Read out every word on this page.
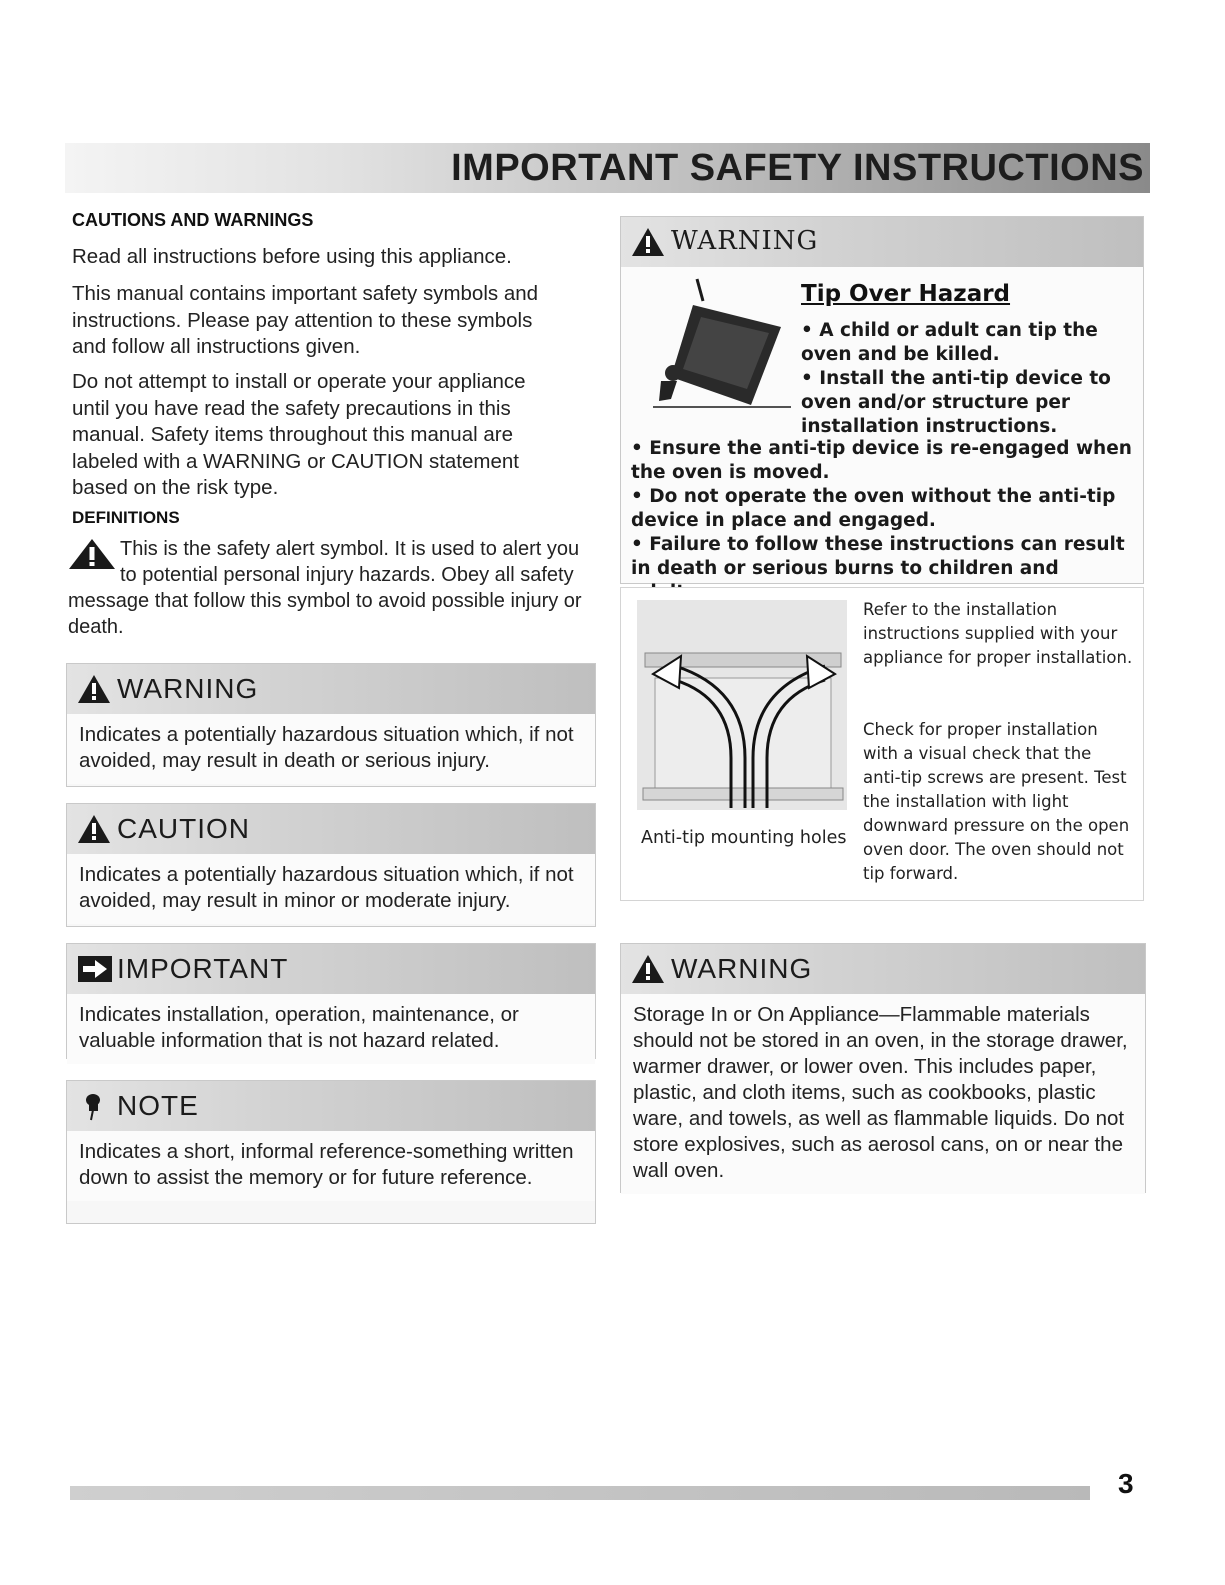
IMPORTANT SAFETY INSTRUCTIONS
CAUTIONS AND WARNINGS
Read all instructions before using this appliance.
This manual contains important safety symbols and instructions. Please pay attention to these symbols and follow all instructions given.
Do not attempt to install or operate your appliance until you have read the safety precautions in this manual. Safety items throughout this manual are labeled with a WARNING or CAUTION statement based on the risk type.
DEFINITIONS
This is the safety alert symbol. It is used to alert you to potential personal injury hazards. Obey all safety message that follow this symbol to avoid possible injury or death.
WARNING
Indicates a potentially hazardous situation which, if not avoided, may result in death or serious injury.
CAUTION
Indicates a potentially hazardous situation which, if not avoided, may result in minor or moderate injury.
IMPORTANT
Indicates installation, operation, maintenance, or valuable information that is not hazard related.
NOTE
Indicates a short, informal reference-something written down to assist the memory or for future reference.
WARNING
Tip Over Hazard
• A child or adult can tip the oven and be killed.
• Install the anti-tip device to oven and/or structure per installation instructions.
• Ensure the anti-tip device is re-engaged when the oven is moved.
• Do not operate the oven without the anti-tip device in place and engaged.
• Failure to follow these instructions can result in death or serious burns to children and
Anti-tip mounting holes
Refer to the installation instructions supplied with your appliance for proper installation.
Check for proper installation with a visual check that the anti-tip screws are present. Test the installation with light downward pressure on the open oven door. The oven should not tip forward.
WARNING
Storage In or On Appliance—Flammable materials should not be stored in an oven, in the storage drawer, warmer drawer, or lower oven. This includes paper, plastic, and cloth items, such as cookbooks, plastic ware, and towels, as well as flammable liquids. Do not store explosives, such as aerosol cans, on or near the wall oven.
3
